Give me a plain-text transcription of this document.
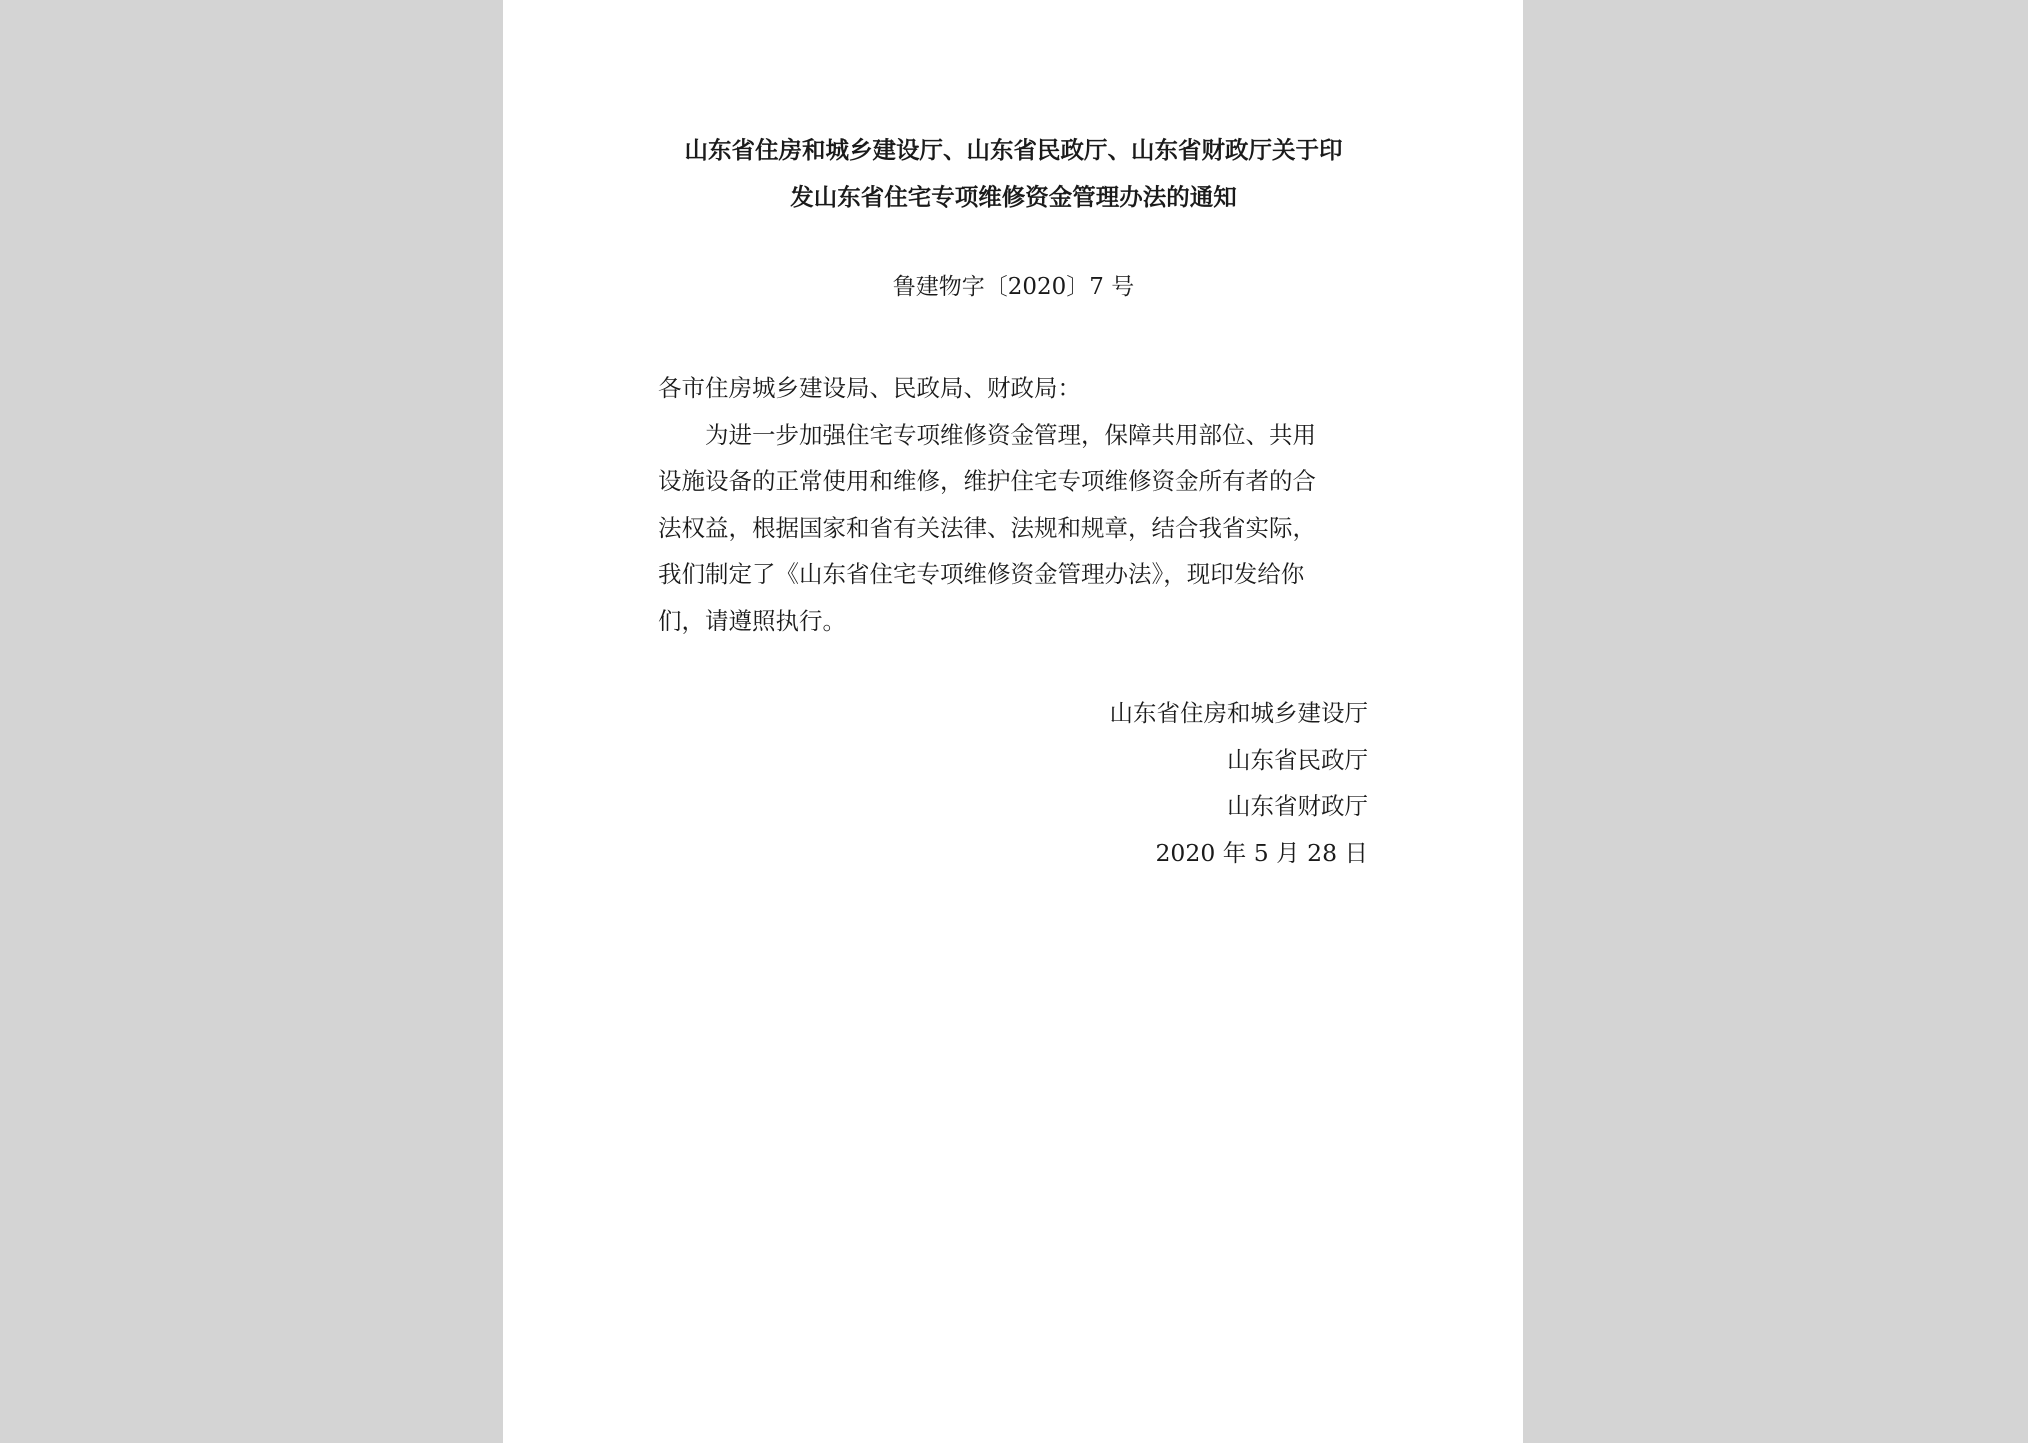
山东省住房和城乡建设厅、山东省民政厅、山东省财政厅关于印
发山东省住宅专项维修资金管理办法的通知
鲁建物字〔2020〕7 号

各市住房城乡建设局、民政局、财政局：

为进一步加强住宅专项维修资金管理，保障共用部位、共用

设施设备的正常使用和维修，维护住宅专项维修资金所有者的合

法权益，根据国家和省有关法律、法规和规章，结合我省实际，

我们制定了《山东省住宅专项维修资金管理办法》，现印发给你

们，请遵照执行。

山东省住房和城乡建设厅
山东省民政厅
山东省财政厅
2020 年 5 月 28 日
